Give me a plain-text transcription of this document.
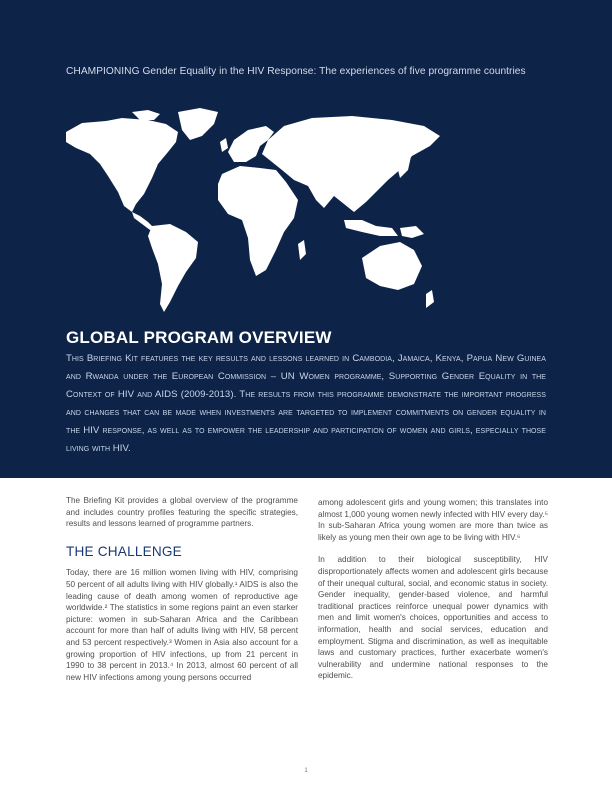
CHAMPIONING Gender Equality in the HIV Response: The experiences of five programme countries
GLOBAL PROGRAM OVERVIEW
This Briefing Kit features the key results and lessons learned in Cambodia, Jamaica, Kenya, Papua New Guinea and Rwanda under the European Commission – UN Women programme, Supporting Gender Equality in the Context of HIV and AIDS (2009-2013). The results from this programme demonstrate the important progress and changes that can be made when investments are targeted to implement commitments on gender equality in the HIV response, as well as to empower the leadership and participation of women and girls, especially those living with HIV.

The Briefing Kit provides a global overview of the programme and includes country profiles featuring the specific strategies, results and lessons learned of programme partners.

THE CHALLENGE

Today, there are 16 million women living with HIV, comprising 50 percent of all adults living with HIV globally.¹ AIDS is also the leading cause of death among women of reproductive age worldwide.² The statistics in some regions paint an even starker picture: women in sub-Saharan Africa and the Caribbean account for more than half of adults living with HIV, 58 percent and 53 percent respectively.³ Women in Asia also account for a growing proportion of HIV infections, up from 21 percent in 1990 to 38 percent in 2013.⁴ In 2013, almost 60 percent of all new HIV infections among young persons occurred

among adolescent girls and young women; this translates into almost 1,000 young women newly infected with HIV every day.⁵ In sub-Saharan Africa young women are more than twice as likely as young men their own age to be living with HIV.⁶

In addition to their biological susceptibility, HIV disproportionately affects women and adolescent girls because of their unequal cultural, social, and economic status in society. Gender inequality, gender-based violence, and harmful traditional practices reinforce unequal power dynamics with men and limit women's choices, opportunities and access to information, health and social services, education and employment. Stigma and discrimination, as well as inequitable laws and customary practices, further exacerbate women's vulnerability and undermine national responses to the epidemic.

1
